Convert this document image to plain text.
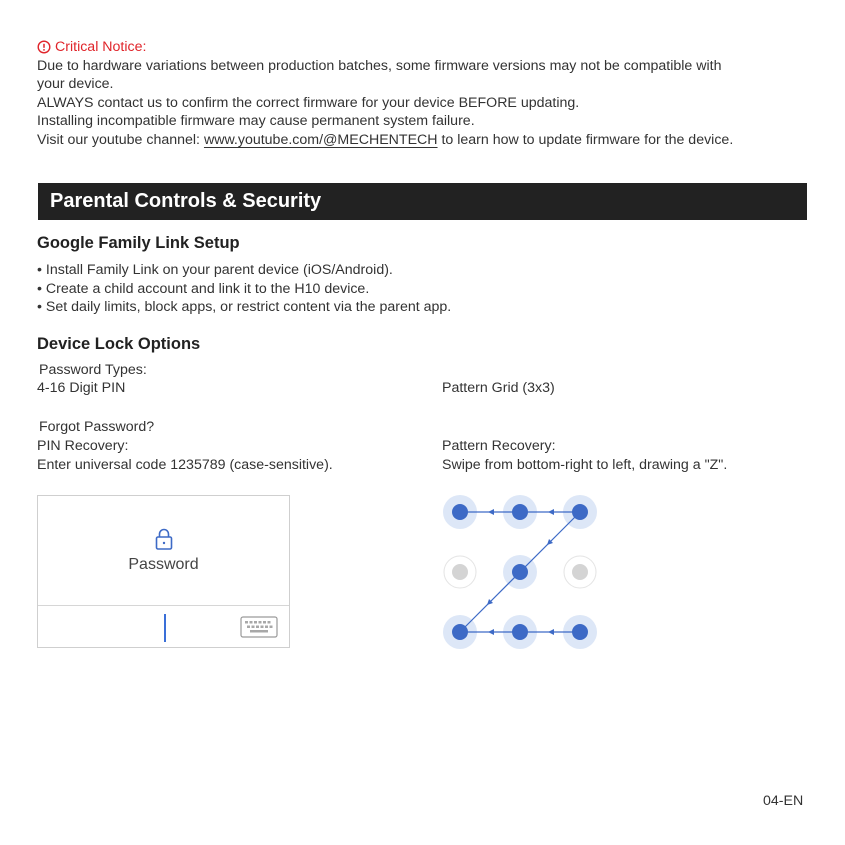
Critical Notice:
Due to hardware variations between production batches, some firmware versions may not be compatible with
your device.
ALWAYS contact us to confirm the correct firmware for your device BEFORE updating.
Installing incompatible firmware may cause permanent system failure.
Visit our youtube channel: www.youtube.com/@MECHENTECH to learn how to update firmware for the device.
Parental Controls & Security
Google Family Link Setup
• Install Family Link on your parent device (iOS/Android).
• Create a child account and link it to the H10 device.
• Set daily limits, block apps, or restrict content via the parent app.
Device Lock Options
Password Types:
4-16 Digit PIN	Pattern Grid (3x3)
Forgot Password?
PIN Recovery:	Pattern Recovery:
Enter universal code 1235789 (case-sensitive).	Swipe from bottom-right to left, drawing a "Z".
Password
04-EN
